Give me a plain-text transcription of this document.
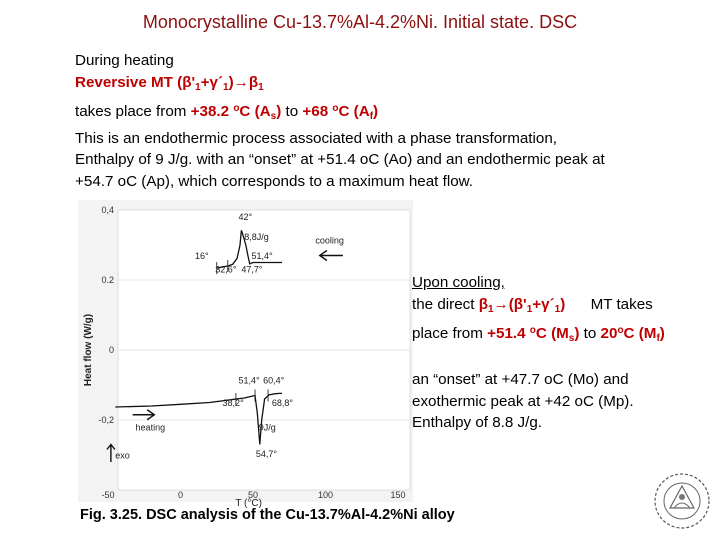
Monocrystalline Cu-13.7%Al-4.2%Ni. Initial state. DSC
During heating
Reversive MT $(\beta'_1+\gamma´_1)\to\beta_1$
takes place from +38.2 $^o$C $(A_s)$ to +68 $^o$C $(A_f)$
This is an endothermic process associated with a phase transformation,
Enthalpy of 9 J/g. with an “onset” at +51.4 oC (Ao) and an endothermic peak at
+54.7 oC (Ap), which corresponds to a maximum heat flow.
0,4
0.2
0
-0,2
-50	0	50	100	150
T (°C)
Heat flow (W/g)
42°
8,8J/g
16°	51,4°
32,6° 47,7°
cooling
51,4° 60,4°
38,2°	68,8°
9J/g
54,7°
heating
exo
Upon cooling,
the direct $\beta_1\to(\beta'_1+\gamma´_1)$      MT takes
place from +51.4 $^o$C $(M_s)$ to 20$^o$C $(M_f)$
an “onset” at +47.7 oC (Mo) and
exothermic peak at +42 oC (Mp).
Enthalpy of 8.8 J/g.
Fig. 3.25. DSC analysis of the Cu-13.7%Al-4.2%Ni alloy
